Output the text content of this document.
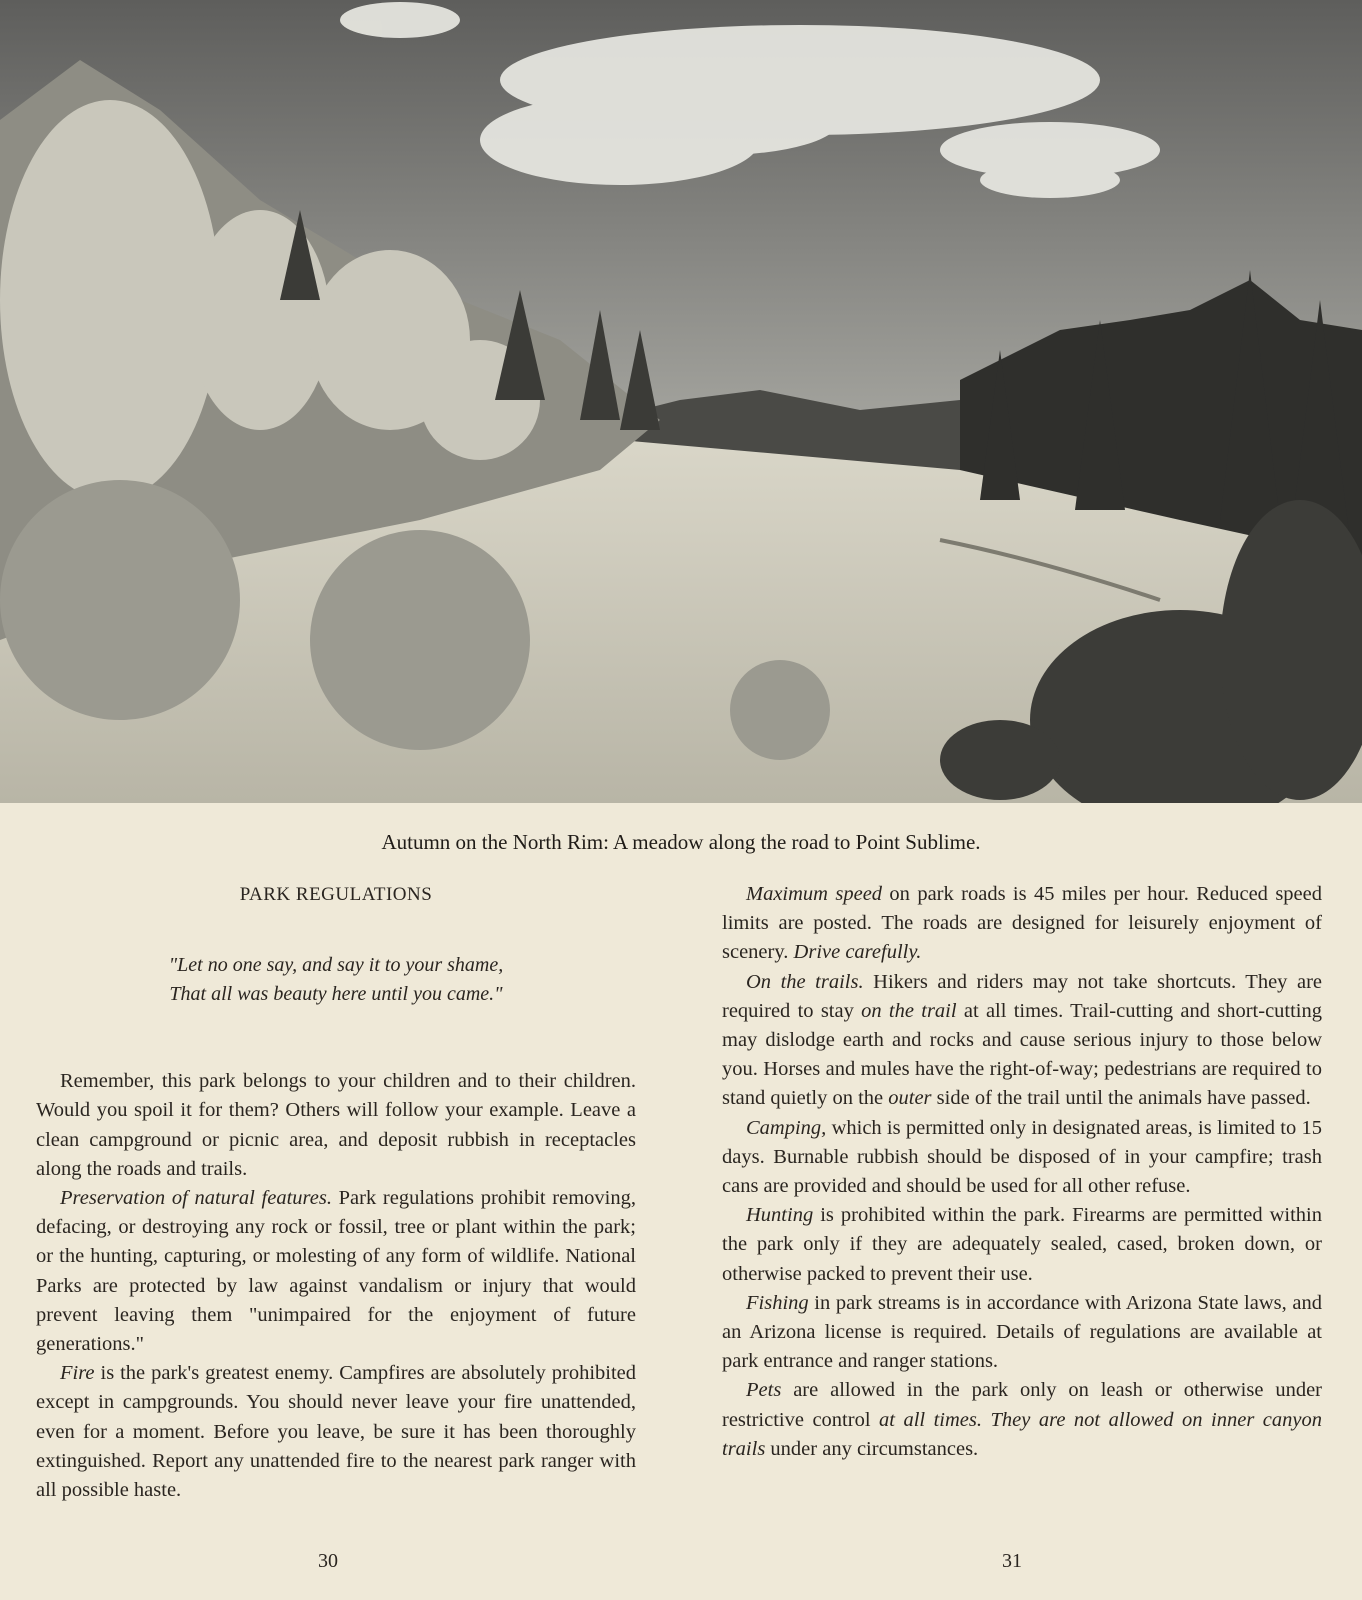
Autumn on the North Rim: A meadow along the road to Point Sublime.
PARK REGULATIONS
"Let no one say, and say it to your shame,
That all was beauty here until you came."

Remember, this park belongs to your children and to their children. Would you spoil it for them? Others will follow your example. Leave a clean campground or picnic area, and deposit rubbish in receptacles along the roads and trails.

Preservation of natural features. Park regulations prohibit removing, defacing, or destroying any rock or fossil, tree or plant within the park; or the hunting, capturing, or molesting of any form of wildlife. National Parks are protected by law against vandalism or injury that would prevent leaving them "unimpaired for the enjoyment of future generations."

Fire is the park's greatest enemy. Campfires are absolutely prohibited except in campgrounds. You should never leave your fire unattended, even for a moment. Before you leave, be sure it has been thoroughly extinguished. Report any unattended fire to the nearest park ranger with all possible haste.

Maximum speed on park roads is 45 miles per hour. Reduced speed limits are posted. The roads are designed for leisurely enjoyment of scenery. Drive carefully.

On the trails. Hikers and riders may not take shortcuts. They are required to stay on the trail at all times. Trail-cutting and short-cutting may dislodge earth and rocks and cause serious injury to those below you. Horses and mules have the right-of-way; pedestrians are required to stand quietly on the outer side of the trail until the animals have passed.

Camping, which is permitted only in designated areas, is limited to 15 days. Burnable rubbish should be disposed of in your campfire; trash cans are provided and should be used for all other refuse.

Hunting is prohibited within the park. Firearms are permitted within the park only if they are adequately sealed, cased, broken down, or otherwise packed to prevent their use.

Fishing in park streams is in accordance with Arizona State laws, and an Arizona license is required. Details of regulations are available at park entrance and ranger stations.

Pets are allowed in the park only on leash or otherwise under restrictive control at all times. They are not allowed on inner canyon trails under any circumstances.

30	31
